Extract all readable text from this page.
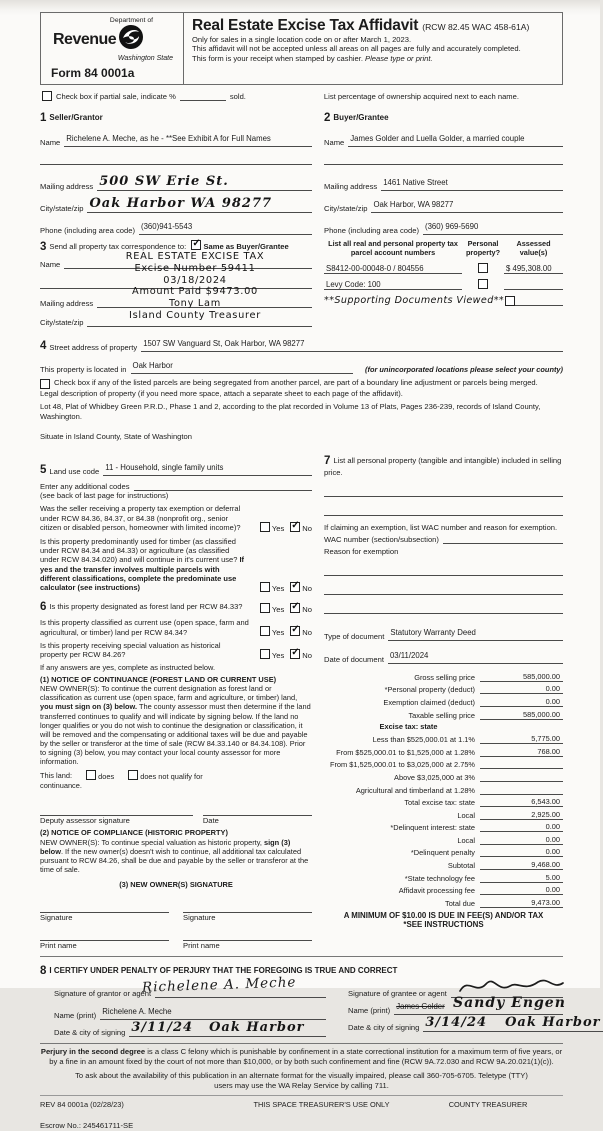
Department of
Revenue
Washington State
Form 84 0001a
Real Estate Excise Tax Affidavit (RCW 82.45 WAC 458-61A)
Only for sales in a single location code on or after March 1, 2023.
This affidavit will not be accepted unless all areas on all pages are fully and accurately completed.
This form is your receipt when stamped by cashier. Please type or print.
Check box if partial sale, indicate %	sold.	List percentage of ownership acquired next to each name.
1 Seller/Grantor
Name Richelene A. Meche, as he - **See Exhibit A for Full Names
Mailing address 500 SW Erie St.
City/state/zip Oak Harbor WA 98277
Phone (including area code) (360)941-5543
2 Buyer/Grantee
Name James Golder and Luella Golder, a married couple
Mailing address 1461 Native Street
City/state/zip Oak Harbor, WA 98277
Phone (including area code) (360) 969-5690
3 Send all property tax correspondence to: ✓ Same as Buyer/Grantee
Name
Mailing address
City/state/zip
REAL ESTATE EXCISE TAX
Excise Number 59411
03/18/2024
Amount Paid $9473.00
Tony Lam
Island County Treasurer
List all real and personal property tax parcel account numbers
Personal property?
Assessed value(s)
S8412-00-00048-0 / 804556	$ 495,308.00
Levy Code: 100
**Supporting Documents Viewed**
4 Street address of property 1507 SW Vanguard St, Oak Harbor, WA 98277
This property is located in Oak Harbor	(for unincorporated locations please select your county)
Check box if any of the listed parcels are being segregated from another parcel, are part of a boundary line adjustment or parcels being merged.
Legal description of property (if you need more space, attach a separate sheet to each page of the affidavit).
Lot 48, Plat of Whidbey Green P.R.D., Phase 1 and 2, according to the plat recorded in Volume 13 of Plats, Pages 236-239, records of Island County, Washington.
Situate in Island County, State of Washington
5 Land use code 11 - Household, single family units
Enter any additional codes
(see back of last page for instructions)
Was the seller receiving a property tax exemption or deferral under RCW 84.36, 84.37, or 84.38 (nonprofit org., senior citizen or disabled person, homeowner with limited income)?	Yes ✓ No
Is this property predominantly used for timber (as classified under RCW 84.34 and 84.33) or agriculture (as classified under RCW 84.34.020) and will continue in it's current use? If yes and the transfer involves multiple parcels with different classifications, complete the predominate use calculator (see instructions)	Yes ✓ No
6 Is this property designated as forest land per RCW 84.33?	Yes ✓ No
Is this property classified as current use (open space, farm and agricultural, or timber) land per RCW 84.34?	Yes ✓ No
Is this property receiving special valuation as historical property per RCW 84.26?	Yes ✓ No
If any answers are yes, complete as instructed below.
(1) NOTICE OF CONTINUANCE (FOREST LAND OR CURRENT USE)
NEW OWNER(S): To continue the current designation as forest land or classification as current use (open space, farm and agriculture, or timber) land, you must sign on (3) below. The county assessor must then determine if the land transferred continues to qualify and will indicate by signing below. If the land no longer qualifies or you do not wish to continue the designation or classification, it will be removed and the compensating or additional taxes will be due and payable by the seller or transferor at the time of sale (RCW 84.33.140 or 84.34.108). Prior to signing (3) below, you may contact your local county assessor for more information.
This land:	does	does not qualify for
continuance.
Deputy assessor signature	Date
(2) NOTICE OF COMPLIANCE (HISTORIC PROPERTY)
NEW OWNER(S): To continue special valuation as historic property, sign (3) below. If the new owner(s) doesn't wish to continue, all additional tax calculated pursuant to RCW 84.26, shall be due and payable by the seller or transferor at the time of sale.
(3) NEW OWNER(S) SIGNATURE
Signature	Signature
Print name	Print name
7 List all personal property (tangible and intangible) included in selling price.
If claiming an exemption, list WAC number and reason for exemption.
WAC number (section/subsection)
Reason for exemption
Type of document Statutory Warranty Deed
Date of document 03/11/2024
Gross selling price	585,000.00
*Personal property (deduct)	0.00
Exemption claimed (deduct)	0.00
Taxable selling price	585,000.00
Excise tax: state
Less than $525,000.01 at 1.1%	5,775.00
From $525,000.01 to $1,525,000 at 1.28%	768.00
From $1,525,000.01 to $3,025,000 at 2.75%
Above $3,025,000 at 3%
Agricultural and timberland at 1.28%
Total excise tax: state	6,543.00
Local	2,925.00
*Delinquent interest: state	0.00
Local	0.00
*Delinquent penalty	0.00
Subtotal	9,468.00
*State technology fee	5.00
Affidavit processing fee	0.00
Total due	9,473.00
A MINIMUM OF $10.00 IS DUE IN FEE(S) AND/OR TAX
*SEE INSTRUCTIONS
8 I CERTIFY UNDER PENALTY OF PERJURY THAT THE FOREGOING IS TRUE AND CORRECT
Signature of grantor or agent
Richelene A. Meche
Name (print) Richelene A. Meche
Date & city of signing 3/11/24 Oak Harbor
Signature of grantee or agent
Name (print) James Golder Sandy Engen
Date & city of signing 3/14/24 Oak Harbor
Perjury in the second degree is a class C felony which is punishable by confinement in a state correctional institution for a maximum term of five years, or by a fine in an amount fixed by the court of not more than $10,000, or by both such confinement and fine (RCW 9A.72.030 and RCW 9A.20.021(1)(c)).
To ask about the availability of this publication in an alternate format for the visually impaired, please call 360-705-6705. Teletype (TTY) users may use the WA Relay Service by calling 711.
REV 84 0001a (02/28/23)	THIS SPACE TREASURER'S USE ONLY	COUNTY TREASURER
Escrow No.: 245461711-SE
